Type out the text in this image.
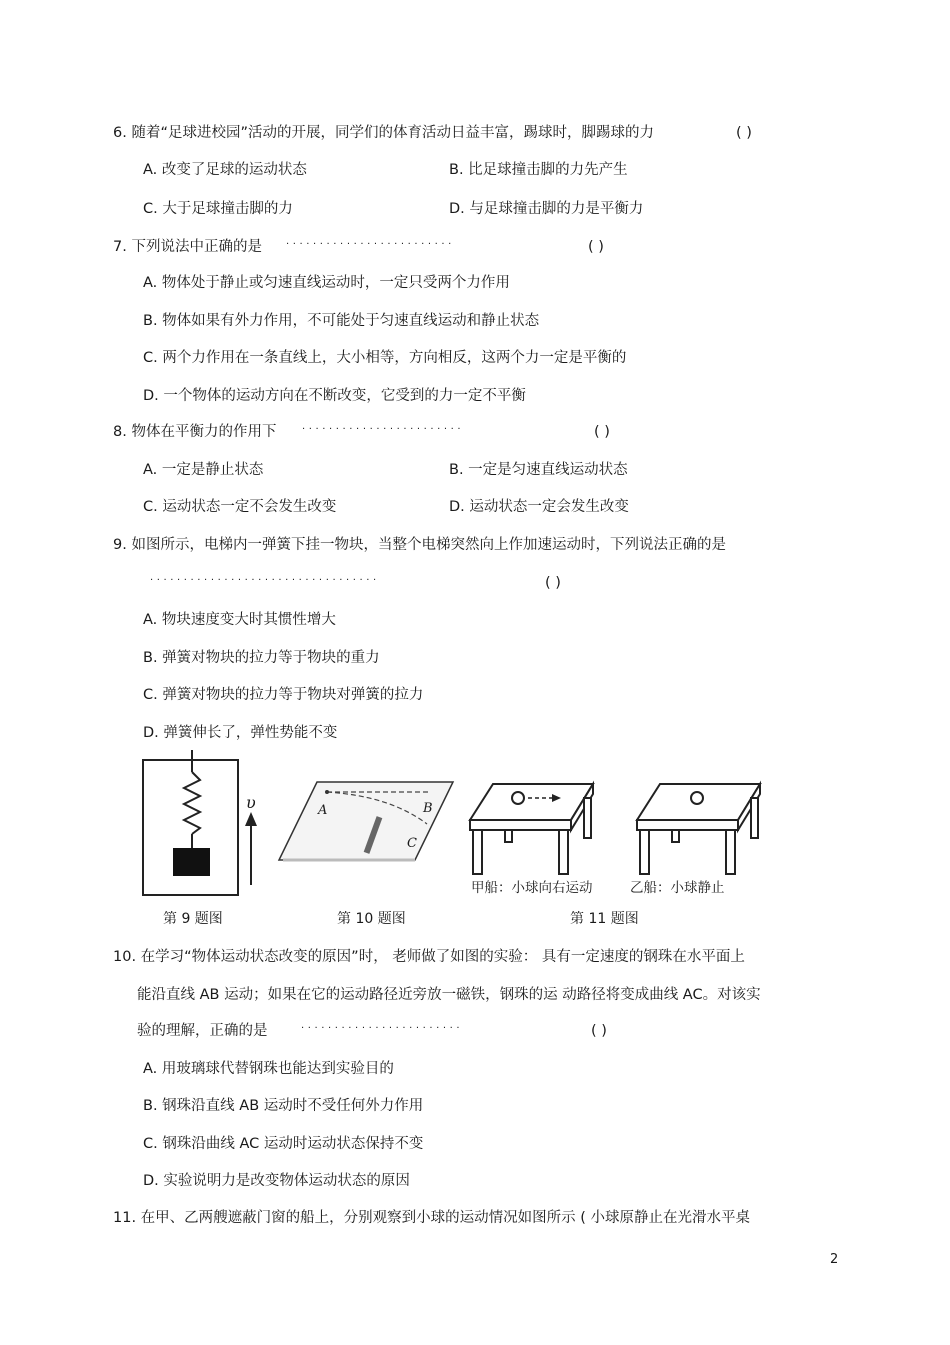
6. 随着“足球进校园”活动的开展，同学们的体育活动日益丰富，踢球时，脚踢球的力	( )
A. 改变了足球的运动状态	B. 比足球撞击脚的力先产生
C. 大于足球撞击脚的力	D. 与足球撞击脚的力是平衡力
7. 下列说法中正确的是 · · · · · · · · · · · · · · · · · · · · · · · · ·	( )
A. 物体处于静止或匀速直线运动时，一定只受两个力作用
B. 物体如果有外力作用，不可能处于匀速直线运动和静止状态
C. 两个力作用在一条直线上，大小相等，方向相反，这两个力一定是平衡的
D. 一个物体的运动方向在不断改变，它受到的力一定不平衡
8. 物体在平衡力的作用下	· · · · · · · · · · · · · · · · · · · · · · · ·	( )
A. 一定是静止状态	B. 一定是匀速直线运动状态
C. 运动状态一定不会发生改变	D. 运动状态一定会发生改变
9. 如图所示，电梯内一弹簧下挂一物块，当整个电梯突然向上作加速运动时，下列说法正确的是
· · · · · · · · · · · · · · · · · · · · · · · · · · · · · · · · · ·	( )
A. 物块速度变大时其惯性增大
B. 弹簧对物块的拉力等于物块的重力
C. 弹簧对物块的拉力等于物块对弹簧的拉力
D. 弹簧伸长了，弹性势能不变
υ	A	B
C
甲船：小球向右运动	乙船：小球静止
第 9 题图	第 10 题图	第 11 题图
10. 在学习“物体运动状态改变的原因”时， 老师做了如图的实验： 具有一定速度的钢珠在水平面上
能沿直线 AB 运动；如果在它的运动路径近旁放一磁铁，钢珠的运 动路径将变成曲线 AC。对该实
验的理解，正确的是	· · · · · · · · · · · · · · · · · · · · · · · ·	( )
A. 用玻璃球代替钢珠也能达到实验目的
B. 钢珠沿直线 AB 运动时不受任何外力作用
C. 钢珠沿曲线 AC 运动时运动状态保持不变
D. 实验说明力是改变物体运动状态的原因
11. 在甲、乙两艘遮蔽门窗的船上，分别观察到小球的运动情况如图所示 ( 小球原静止在光滑水平桌
2
